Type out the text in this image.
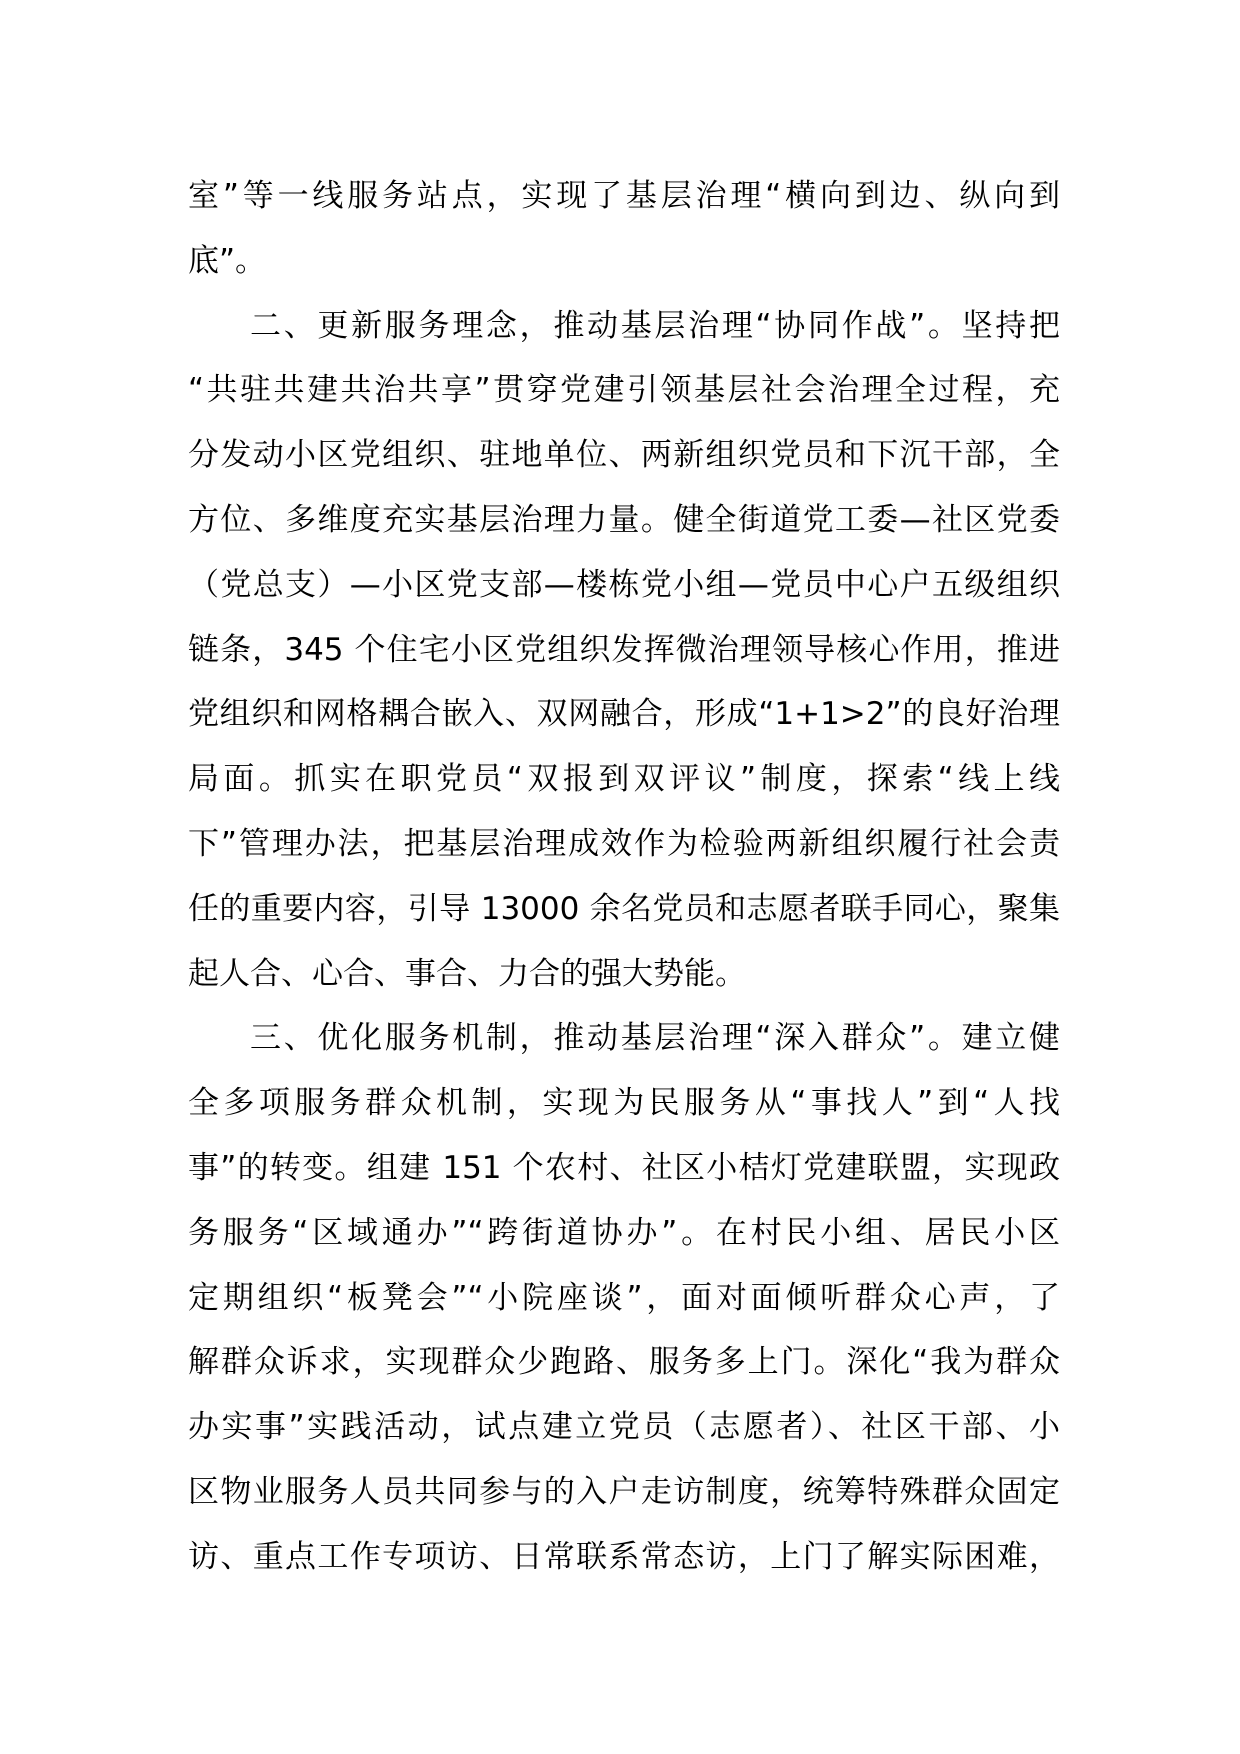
室”等一线服务站点，实现了基层治理“横向到边、纵向到
底”。
二、更新服务理念，推动基层治理“协同作战”。坚持把
“共驻共建共治共享”贯穿党建引领基层社会治理全过程，充
分发动小区党组织、驻地单位、两新组织党员和下沉干部，全
方位、多维度充实基层治理力量。健全街道党工委—社区党委
（党总支）—小区党支部—楼栋党小组—党员中心户五级组织
链条，345 个住宅小区党组织发挥微治理领导核心作用，推进
党组织和网格耦合嵌入、双网融合，形成“1+1>2”的良好治理
局面。抓实在职党员“双报到双评议”制度，探索“线上线
下”管理办法，把基层治理成效作为检验两新组织履行社会责
任的重要内容，引导 13000 余名党员和志愿者联手同心，聚集
起人合、心合、事合、力合的强大势能。
三、优化服务机制，推动基层治理“深入群众”。建立健
全多项服务群众机制，实现为民服务从“事找人”到“人找
事”的转变。组建 151 个农村、社区小桔灯党建联盟，实现政
务服务“区域通办”“跨街道协办”。在村民小组、居民小区
定期组织“板凳会”“小院座谈”，面对面倾听群众心声，了
解群众诉求，实现群众少跑路、服务多上门。深化“我为群众
办实事”实践活动，试点建立党员（志愿者）、社区干部、小
区物业服务人员共同参与的入户走访制度，统筹特殊群众固定
访、重点工作专项访、日常联系常态访，上门了解实际困难，
